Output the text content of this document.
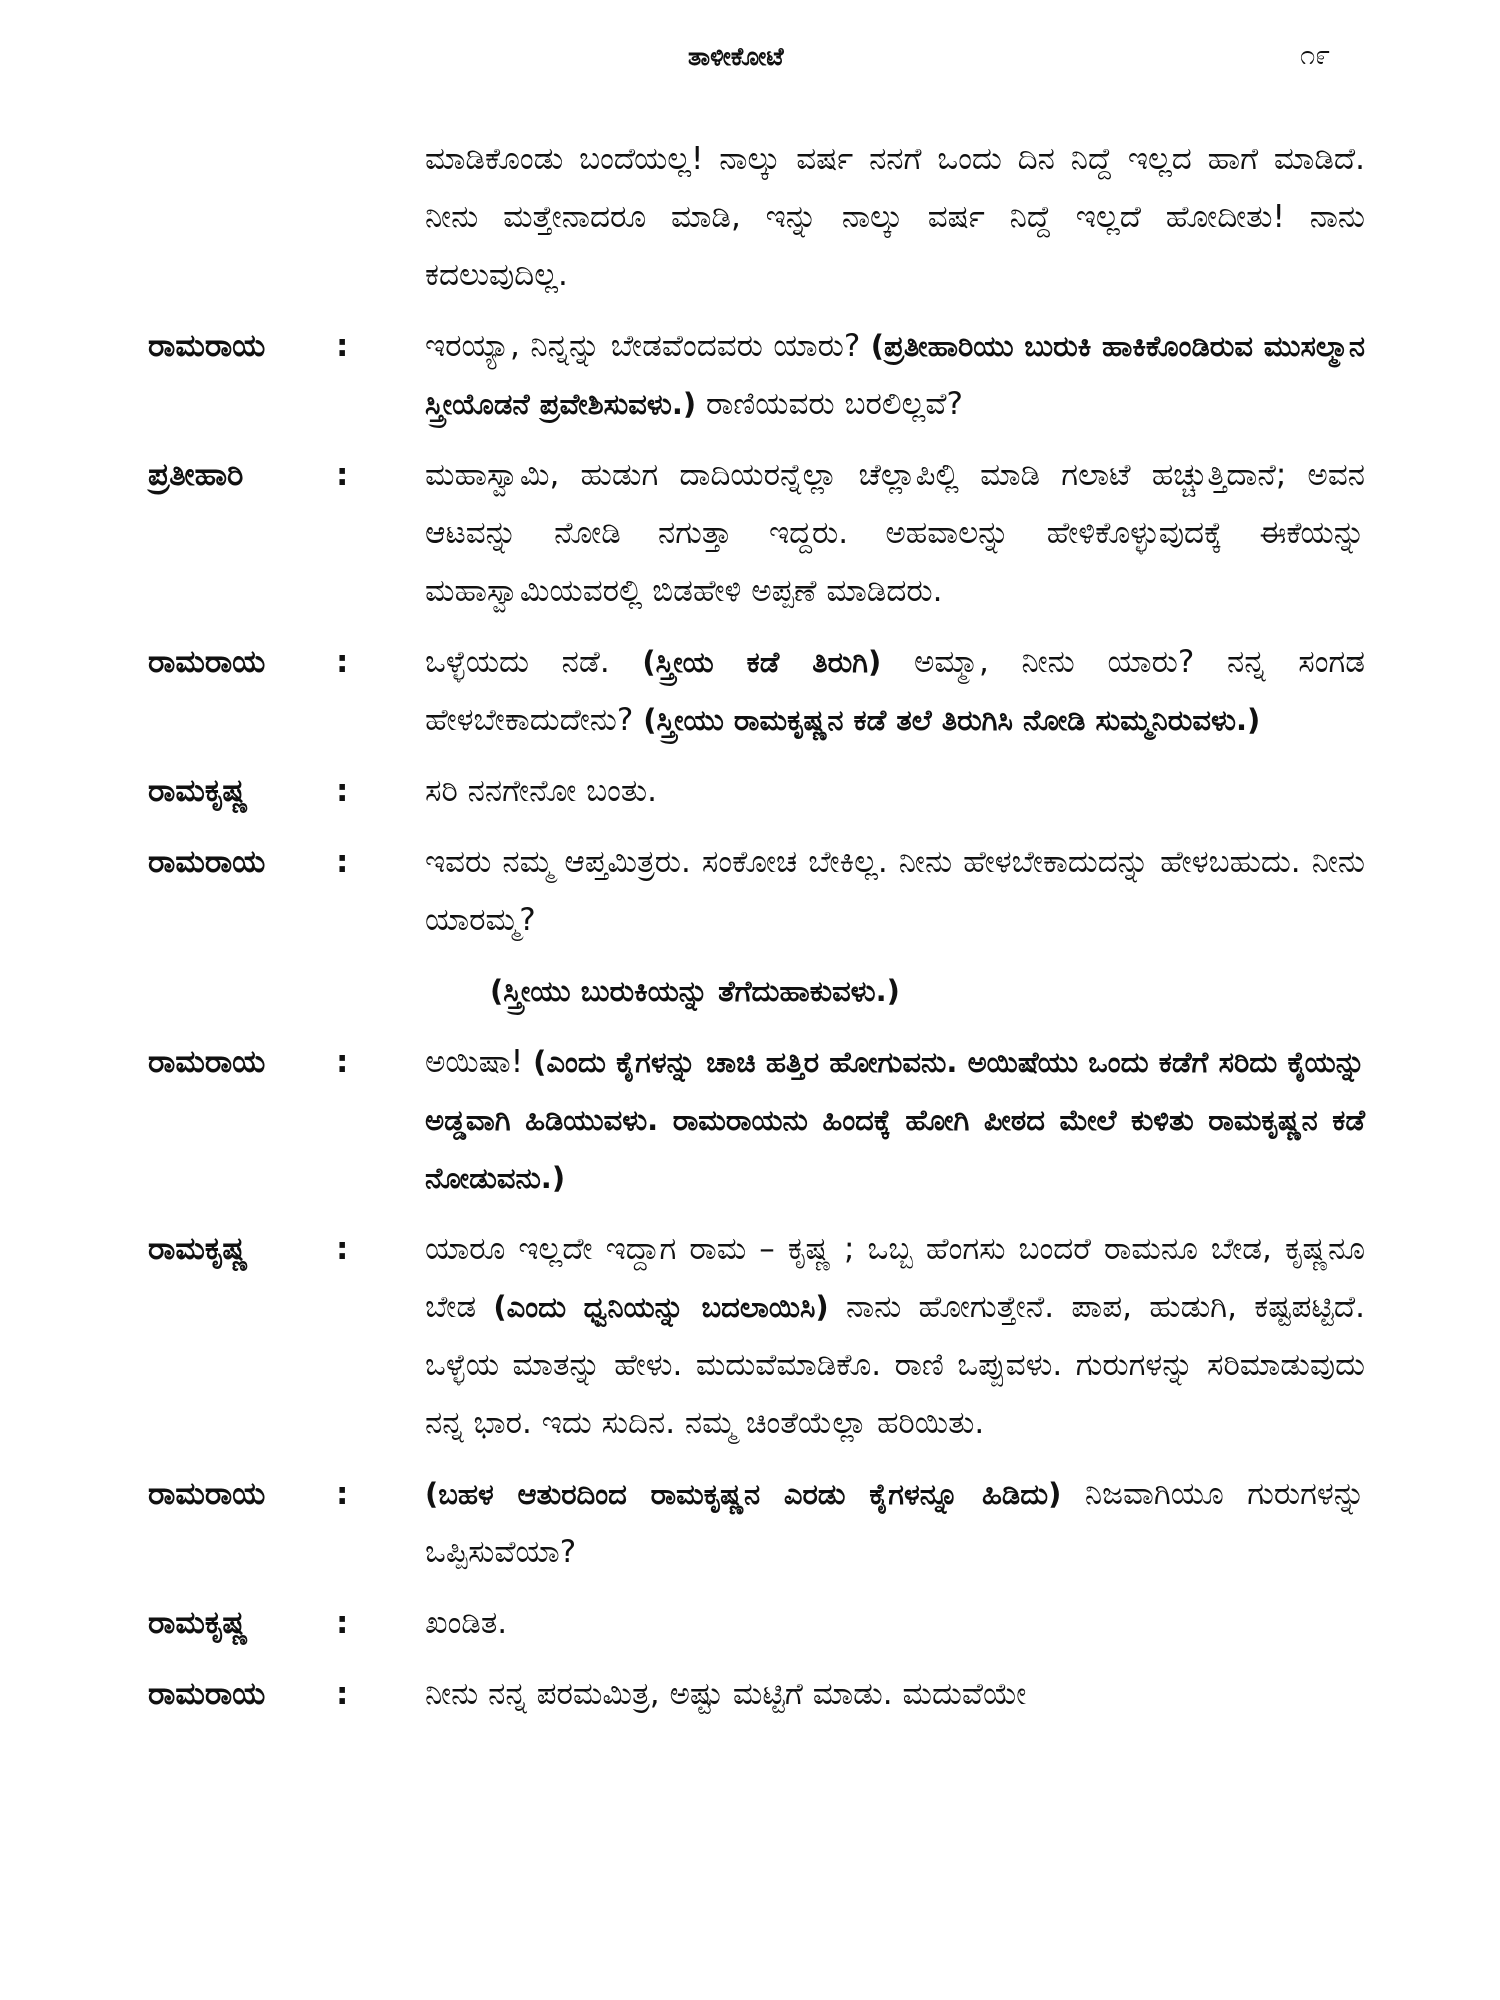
ತಾಳೀಕೋಟೆ	೧೯
ಮಾಡಿಕೊಂಡು ಬಂದೆಯಲ್ಲ! ನಾಲ್ಕು ವರ್ಷ ನನಗೆ ಒಂದು ದಿನ ನಿದ್ದೆ ಇಲ್ಲದ ಹಾಗೆ ಮಾಡಿದೆ. ನೀನು ಮತ್ತೇನಾದರೂ ಮಾಡಿ, ಇನ್ನು ನಾಲ್ಕು ವರ್ಷ ನಿದ್ದೆ ಇಲ್ಲದೆ ಹೋದೀತು! ನಾನು ಕದಲುವುದಿಲ್ಲ.
ರಾಮರಾಯ	: ಇರಯ್ಯಾ, ನಿನ್ನನ್ನು ಬೇಡವೆಂದವರು ಯಾರು? (ಪ್ರತೀಹಾರಿಯು ಬುರುಕಿ ಹಾಕಿಕೊಂಡಿರುವ ಮುಸಲ್ಮಾನ ಸ್ತ್ರೀಯೊಡನೆ ಪ್ರವೇಶಿಸುವಳು.) ರಾಣಿಯವರು ಬರಲಿಲ್ಲವೆ?
ಪ್ರತೀಹಾರಿ	: ಮಹಾಸ್ವಾಮಿ, ಹುಡುಗ ದಾದಿಯರನ್ನೆಲ್ಲಾ ಚೆಲ್ಲಾಪಿಲ್ಲಿ ಮಾಡಿ ಗಲಾಟೆ ಹಚ್ಚುತ್ತಿದಾನೆ; ಅವನ ಆಟವನ್ನು ನೋಡಿ ನಗುತ್ತಾ ಇದ್ದರು. ಅಹವಾಲನ್ನು ಹೇಳಿಕೊಳ್ಳುವುದಕ್ಕೆ ಈಕೆಯನ್ನು ಮಹಾಸ್ವಾಮಿಯವರಲ್ಲಿ ಬಿಡಹೇಳಿ ಅಪ್ಪಣೆ ಮಾಡಿದರು.
ರಾಮರಾಯ	: ಒಳ್ಳೆಯದು ನಡೆ. (ಸ್ತ್ರೀಯ ಕಡೆ ತಿರುಗಿ) ಅಮ್ಮಾ, ನೀನು ಯಾರು? ನನ್ನ ಸಂಗಡ ಹೇಳಬೇಕಾದುದೇನು? (ಸ್ತ್ರೀಯು ರಾಮಕೃಷ್ಣನ ಕಡೆ ತಲೆ ತಿರುಗಿಸಿ ನೋಡಿ ಸುಮ್ಮನಿರುವಳು.)
ರಾಮಕೃಷ್ಣ	: ಸರಿ ನನಗೇನೋ ಬಂತು.
ರಾಮರಾಯ	: ಇವರು ನಮ್ಮ ಆಪ್ತಮಿತ್ರರು. ಸಂಕೋಚ ಬೇಕಿಲ್ಲ. ನೀನು ಹೇಳಬೇಕಾದುದನ್ನು ಹೇಳಬಹುದು. ನೀನು ಯಾರಮ್ಮ?
(ಸ್ತ್ರೀಯು ಬುರುಕಿಯನ್ನು ತೆಗೆದುಹಾಕುವಳು.)
ರಾಮರಾಯ	: ಅಯಿಷಾ! (ಎಂದು ಕೈಗಳನ್ನು ಚಾಚಿ ಹತ್ತಿರ ಹೋಗುವನು. ಅಯಿಷೆಯು ಒಂದು ಕಡೆಗೆ ಸರಿದು ಕೈಯನ್ನು ಅಡ್ಡವಾಗಿ ಹಿಡಿಯುವಳು. ರಾಮರಾಯನು ಹಿಂದಕ್ಕೆ ಹೋಗಿ ಪೀಠದ ಮೇಲೆ ಕುಳಿತು ರಾಮಕೃಷ್ಣನ ಕಡೆ ನೋಡುವನು.)
ರಾಮಕೃಷ್ಣ	: ಯಾರೂ ಇಲ್ಲದೇ ಇದ್ದಾಗ ರಾಮ – ಕೃಷ್ಣ ; ಒಬ್ಬ ಹೆಂಗಸು ಬಂದರೆ ರಾಮನೂ ಬೇಡ, ಕೃಷ್ಣನೂ ಬೇಡ (ಎಂದು ಧ್ವನಿಯನ್ನು ಬದಲಾಯಿಸಿ) ನಾನು ಹೋಗುತ್ತೇನೆ. ಪಾಪ, ಹುಡುಗಿ, ಕಷ್ಟಪಟ್ಟಿದೆ. ಒಳ್ಳೆಯ ಮಾತನ್ನು ಹೇಳು. ಮದುವೆಮಾಡಿಕೊ. ರಾಣಿ ಒಪ್ಪುವಳು. ಗುರುಗಳನ್ನು ಸರಿಮಾಡುವುದು ನನ್ನ ಭಾರ. ಇದು ಸುದಿನ. ನಮ್ಮ ಚಿಂತೆಯೆಲ್ಲಾ ಹರಿಯಿತು.
ರಾಮರಾಯ	:	(ಬಹಳ ಆತುರದಿಂದ ರಾಮಕೃಷ್ಣನ ಎರಡು ಕೈಗಳನ್ನೂ ಹಿಡಿದು) ನಿಜವಾಗಿಯೂ ಗುರುಗಳನ್ನು ಒಪ್ಪಿಸುವೆಯಾ?
ರಾಮಕೃಷ್ಣ	: ಖಂಡಿತ.
ರಾಮರಾಯ	: ನೀನು ನನ್ನ ಪರಮಮಿತ್ರ, ಅಷ್ಟು ಮಟ್ಟಿಗೆ ಮಾಡು. ಮದುವೆಯೇ
